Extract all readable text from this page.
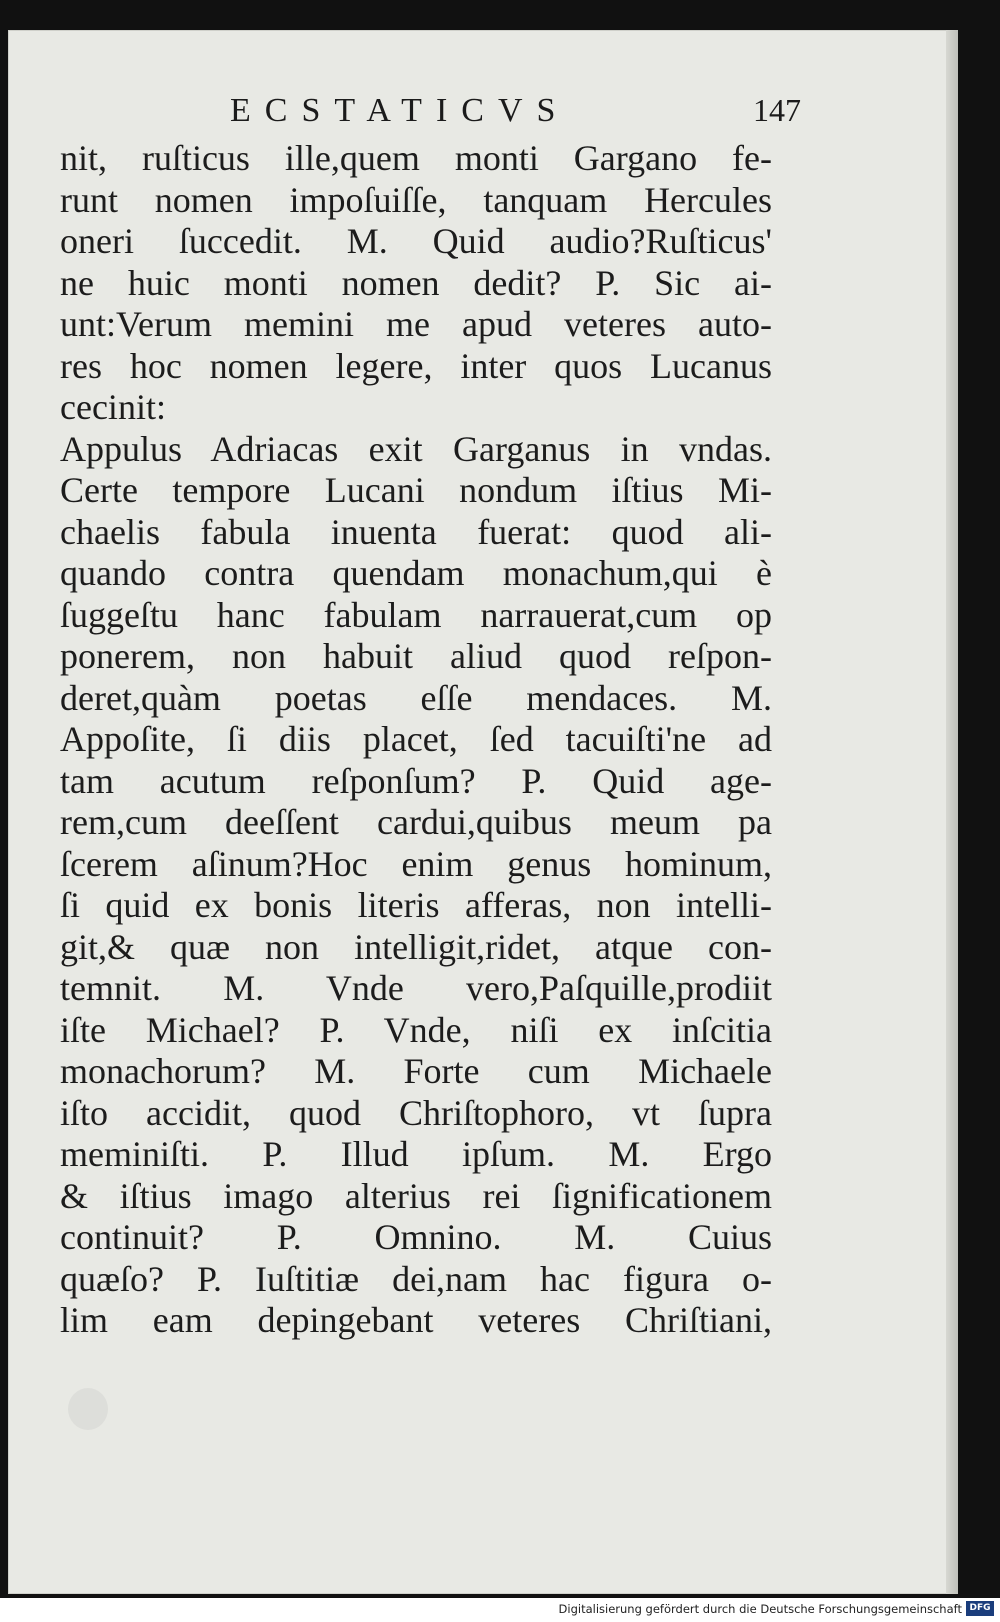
ECSTATICVS	147
nit, ruſticus ille,quem monti Gargano fe-
runt nomen impoſuiſſe, tanquam Hercules
oneri ſuccedit. M. Quid audio?Ruſticus'
ne huic monti nomen dedit? P. Sic ai-
unt:Verum memini me apud veteres auto-
res hoc nomen legere, inter quos Lucanus
cecinit:
Appulus Adriacas exit Garganus in vndas.
Certe tempore Lucani nondum iſtius Mi-
chaelis fabula inuenta fuerat: quod ali-
quando contra quendam monachum,qui è
ſuggeſtu hanc fabulam narrauerat,cum op
ponerem, non habuit aliud quod reſpon-
deret,quàm poetas eſſe mendaces. M.
Appoſite, ſi diis placet, ſed tacuiſti'ne ad
tam acutum reſponſum? P. Quid age-
rem,cum deeſſent cardui,quibus meum pa
ſcerem aſinum?Hoc enim genus hominum,
ſi quid ex bonis literis afferas, non intelli-
git,& quæ non intelligit,ridet, atque con-
temnit. M. Vnde vero,Paſquille,prodiit
iſte Michael? P. Vnde, niſi ex inſcitia
monachorum? M. Forte cum Michaele
iſto accidit, quod Chriſtophoro, vt ſupra
meminiſti. P. Illud ipſum. M. Ergo
& iſtius imago alterius rei ſignificationem
continuit? P. Omnino. M. Cuius
quæſo? P. Iuſtitiæ dei,nam hac figura o-
lim eam depingebant veteres Chriſtiani,
Digitalisierung gefördert durch die Deutsche Forschungsgemeinschaft DFG
